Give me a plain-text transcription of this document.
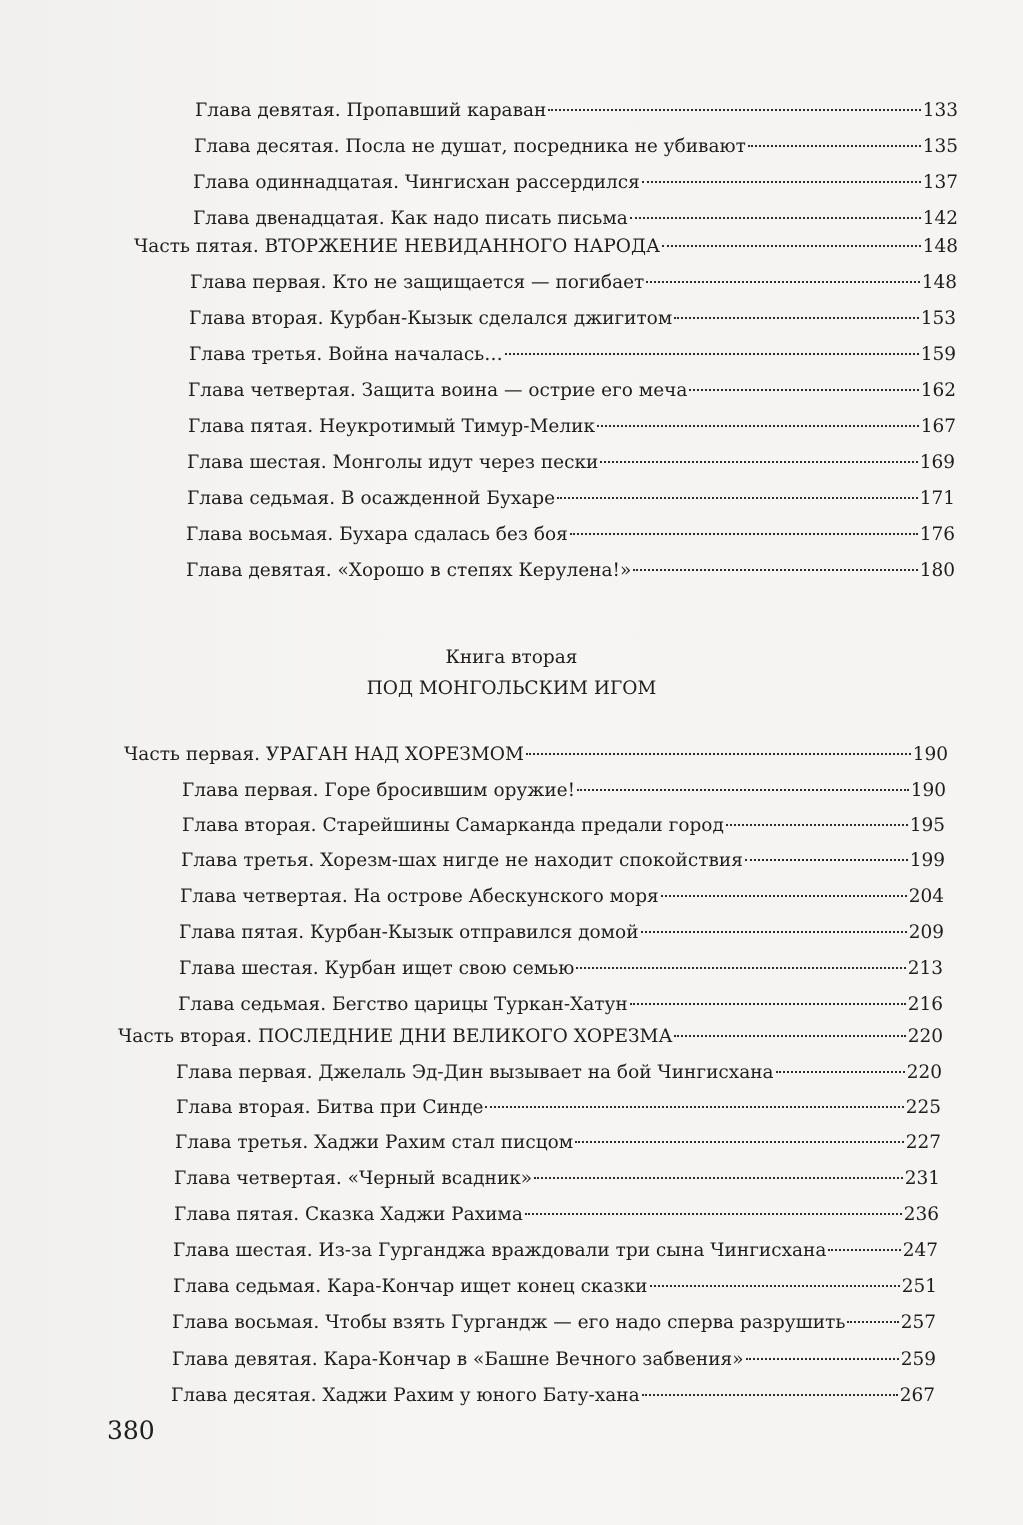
Глава девятая. Пропавший караван	133
Глава десятая. Посла не душат, посредника не убивают	135
Глава одиннадцатая. Чингисхан рассердился	137
Глава двенадцатая. Как надо писать письма	142
Часть пятая. ВТОРЖЕНИЕ НЕВИДАННОГО НАРОДА	148
Глава первая. Кто не защищается — погибает	148
Глава вторая. Курбан-Кызык сделался джигитом	153
Глава третья. Война началась…	159
Глава четвертая. Защита воина — острие его меча	162
Глава пятая. Неукротимый Тимур-Мелик	167
Глава шестая. Монголы идут через пески	169
Глава седьмая. В осажденной Бухаре	171
Глава восьмая. Бухара сдалась без боя	176
Глава девятая. «Хорошо в степях Керулена!»	180
Книга вторая
ПОД МОНГОЛЬСКИМ ИГОМ
Часть первая. УРАГАН НАД ХОРЕЗМОМ	190
Глава первая. Горе бросившим оружие!	190
Глава вторая. Старейшины Самарканда предали город	195
Глава третья. Хорезм-шах нигде не находит спокойствия	199
Глава четвертая. На острове Абескунского моря	204
Глава пятая. Курбан-Кызык отправился домой	209
Глава шестая. Курбан ищет свою семью	213
Глава седьмая. Бегство царицы Туркан-Хатун	216
Часть вторая. ПОСЛЕДНИЕ ДНИ ВЕЛИКОГО ХОРЕЗМА	220
Глава первая. Джелаль Эд-Дин вызывает на бой Чингисхана	220
Глава вторая. Битва при Синде	225
Глава третья. Хаджи Рахим стал писцом	227
Глава четвертая. «Черный всадник»	231
Глава пятая. Сказка Хаджи Рахима	236
Глава шестая. Из-за Гурганджа враждовали три сына Чингисхана	247
Глава седьмая. Кара-Кончар ищет конец сказки	251
Глава восьмая. Чтобы взять Гургандж — его надо сперва разрушить	257
Глава девятая. Кара-Кончар в «Башне Вечного забвения»	259
Глава десятая. Хаджи Рахим у юного Бату-хана	267
380
